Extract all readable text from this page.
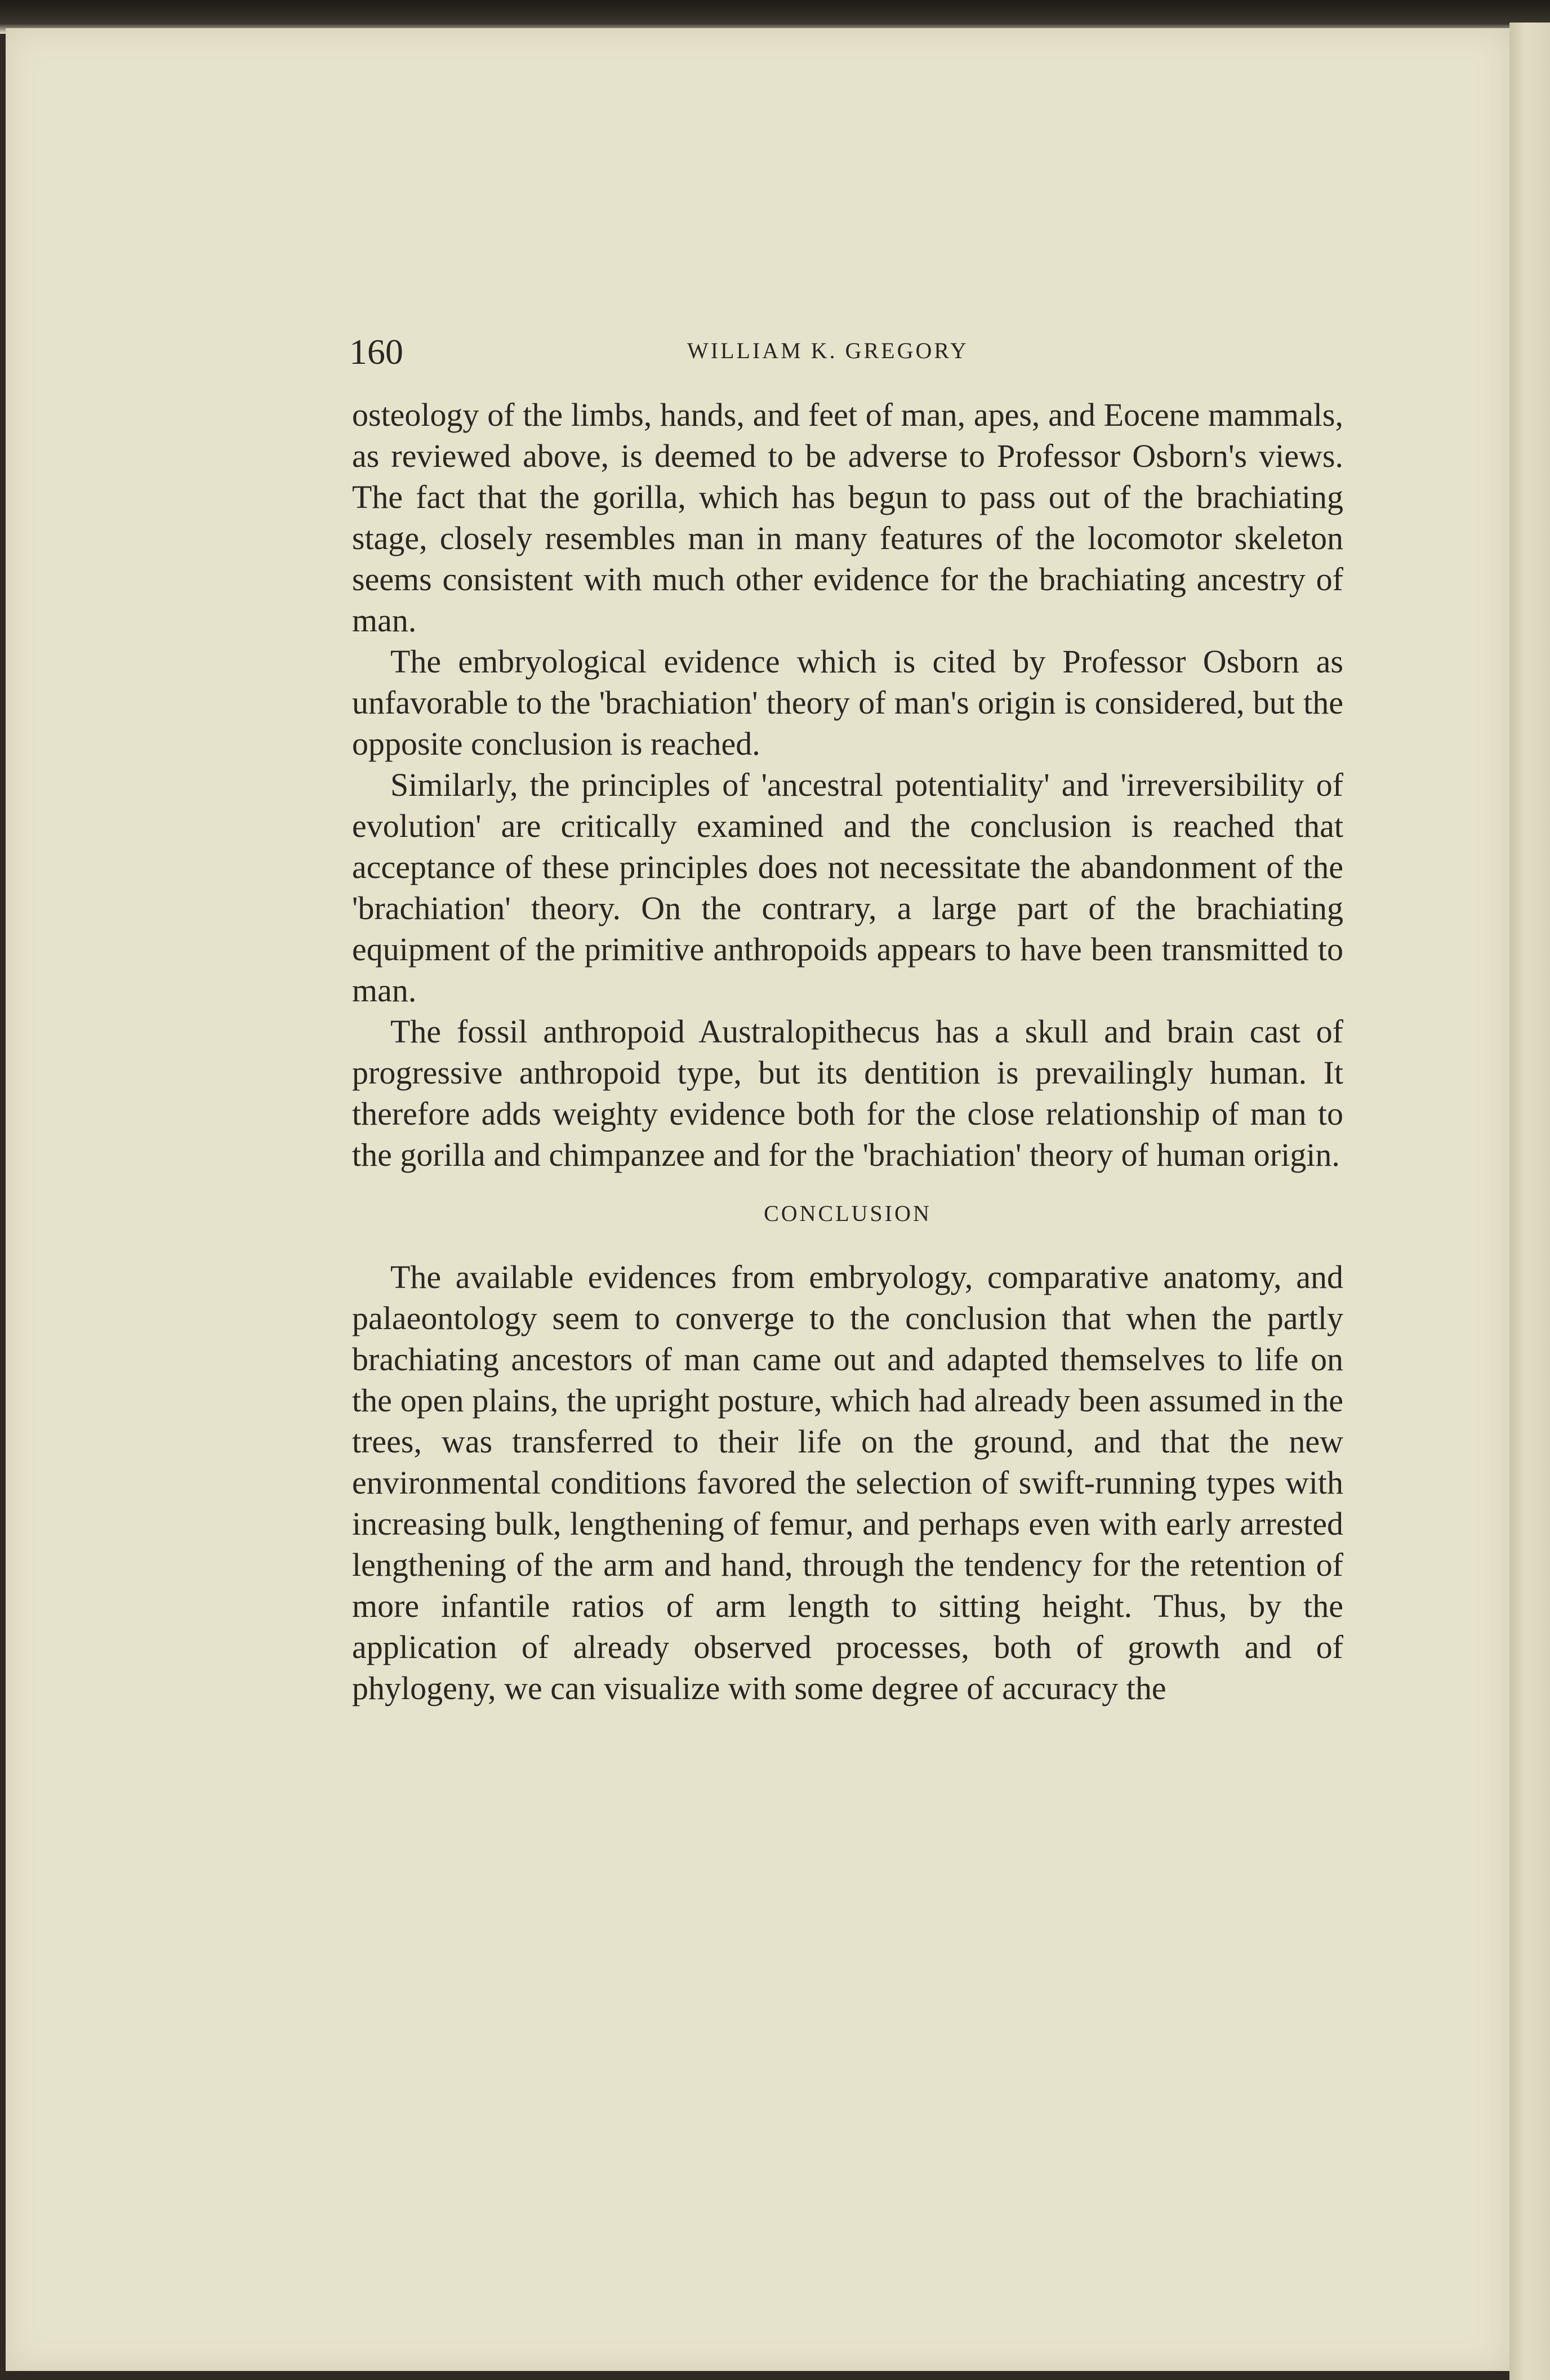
160	WILLIAM K. GREGORY

osteology of the limbs, hands, and feet of man, apes, and Eocene mammals, as reviewed above, is deemed to be adverse to Professor Osborn's views. The fact that the gorilla, which has begun to pass out of the brachiating stage, closely resembles man in many features of the locomotor skeleton seems consistent with much other evidence for the brachiating ancestry of man.

The embryological evidence which is cited by Professor Osborn as unfavorable to the 'brachiation' theory of man's origin is considered, but the opposite conclusion is reached.

Similarly, the principles of 'ancestral potentiality' and 'irreversibility of evolution' are critically examined and the conclusion is reached that acceptance of these principles does not necessitate the abandonment of the 'brachiation' theory. On the contrary, a large part of the brachiating equipment of the primitive anthropoids appears to have been transmitted to man.

The fossil anthropoid Australopithecus has a skull and brain cast of progressive anthropoid type, but its dentition is prevailingly human. It therefore adds weighty evidence both for the close relationship of man to the gorilla and chimpanzee and for the 'brachiation' theory of human origin.

CONCLUSION

The available evidences from embryology, comparative anatomy, and palaeontology seem to converge to the conclusion that when the partly brachiating ancestors of man came out and adapted themselves to life on the open plains, the upright posture, which had already been assumed in the trees, was transferred to their life on the ground, and that the new environmental conditions favored the selection of swift-running types with increasing bulk, lengthening of femur, and perhaps even with early arrested lengthening of the arm and hand, through the tendency for the retention of more infantile ratios of arm length to sitting height. Thus, by the application of already observed processes, both of growth and of phylogeny, we can visualize with some degree of accuracy the
